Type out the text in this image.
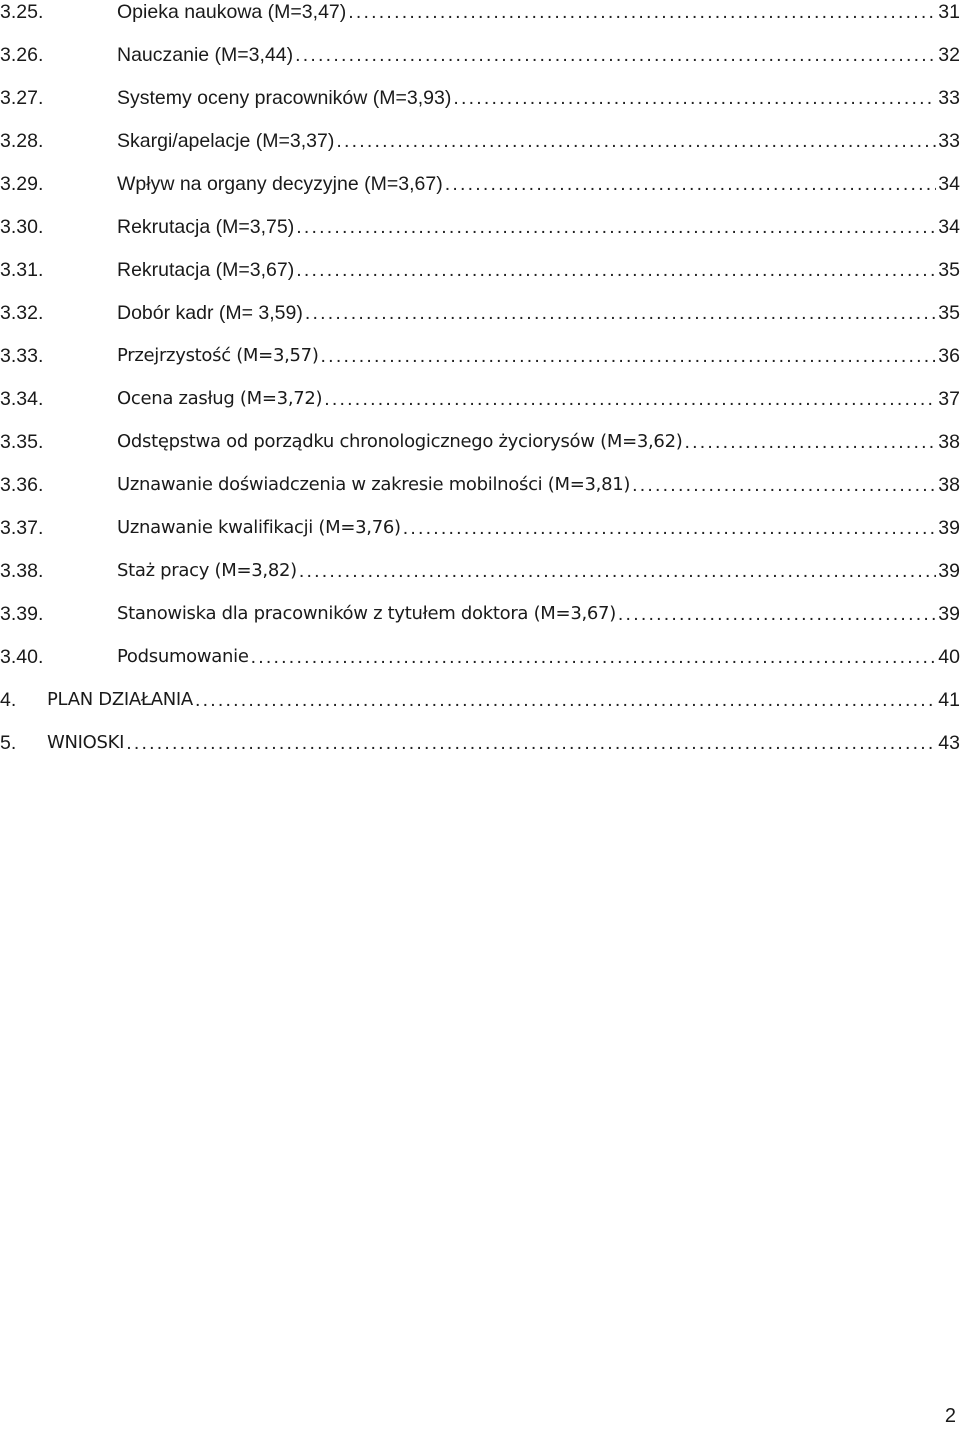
3.25.	Opieka naukowa (M=3,47) . . .	31
3.26.	Nauczanie (M=3,44) . . .	32
3.27.	Systemy oceny pracowników (M=3,93) . . .	33
3.28.	Skargi/apelacje (M=3,37) . . .	33
3.29.	Wpływ na organy decyzyjne (M=3,67) . . .	34
3.30.	Rekrutacja (M=3,75) . . .	34
3.31.	Rekrutacja (M=3,67) . . .	35
3.32.	Dobór kadr (M= 3,59) . . .	35
3.33.	Przejrzystość (M=3,57) . . .	36
3.34.	Ocena zasług (M=3,72) . . .	37
3.35.	Odstępstwa od porządku chronologicznego życiorysów (M=3,62) . . .	38
3.36.	Uznawanie doświadczenia w zakresie mobilności (M=3,81) . . .	38
3.37.	Uznawanie kwalifikacji (M=3,76) . . .	39
3.38.	Staż pracy (M=3,82) . . .	39
3.39.	Stanowiska dla pracowników z tytułem doktora (M=3,67) . . .	39
3.40.	Podsumowanie . . .	40
4. PLAN DZIAŁANIA . . .	41
5. WNIOSKI . . .	43
2
